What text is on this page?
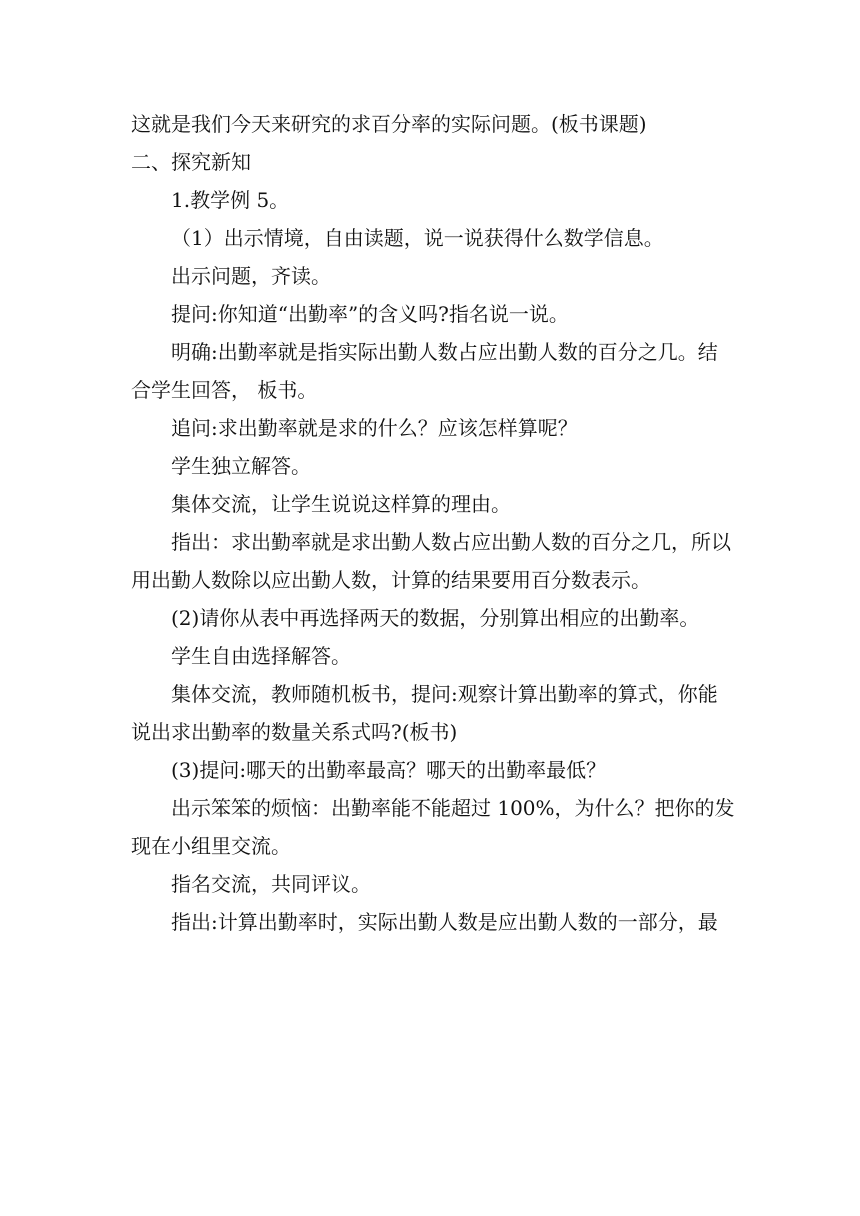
这就是我们今天来研究的求百分率的实际问题。(板书课题)
二、探究新知
1.教学例 5。
（1）出示情境，自由读题，说一说获得什么数学信息。
出示问题，齐读。
提问:你知道“出勤率”的含义吗?指名说一说。
明确:出勤率就是指实际出勤人数占应出勤人数的百分之几。结
合学生回答， 板书。
追问:求出勤率就是求的什么？应该怎样算呢？
学生独立解答。
集体交流，让学生说说这样算的理由。
指出：求出勤率就是求出勤人数占应出勤人数的百分之几，所以
用出勤人数除以应出勤人数，计算的结果要用百分数表示。
(2)请你从表中再选择两天的数据，分别算出相应的出勤率。
学生自由选择解答。
集体交流，教师随机板书，提问:观察计算出勤率的算式，你能
说出求出勤率的数量关系式吗?(板书)
(3)提问:哪天的出勤率最高？哪天的出勤率最低？
出示笨笨的烦恼：出勤率能不能超过 100%，为什么？把你的发
现在小组里交流。
指名交流，共同评议。
指出:计算出勤率时，实际出勤人数是应出勤人数的一部分，最
